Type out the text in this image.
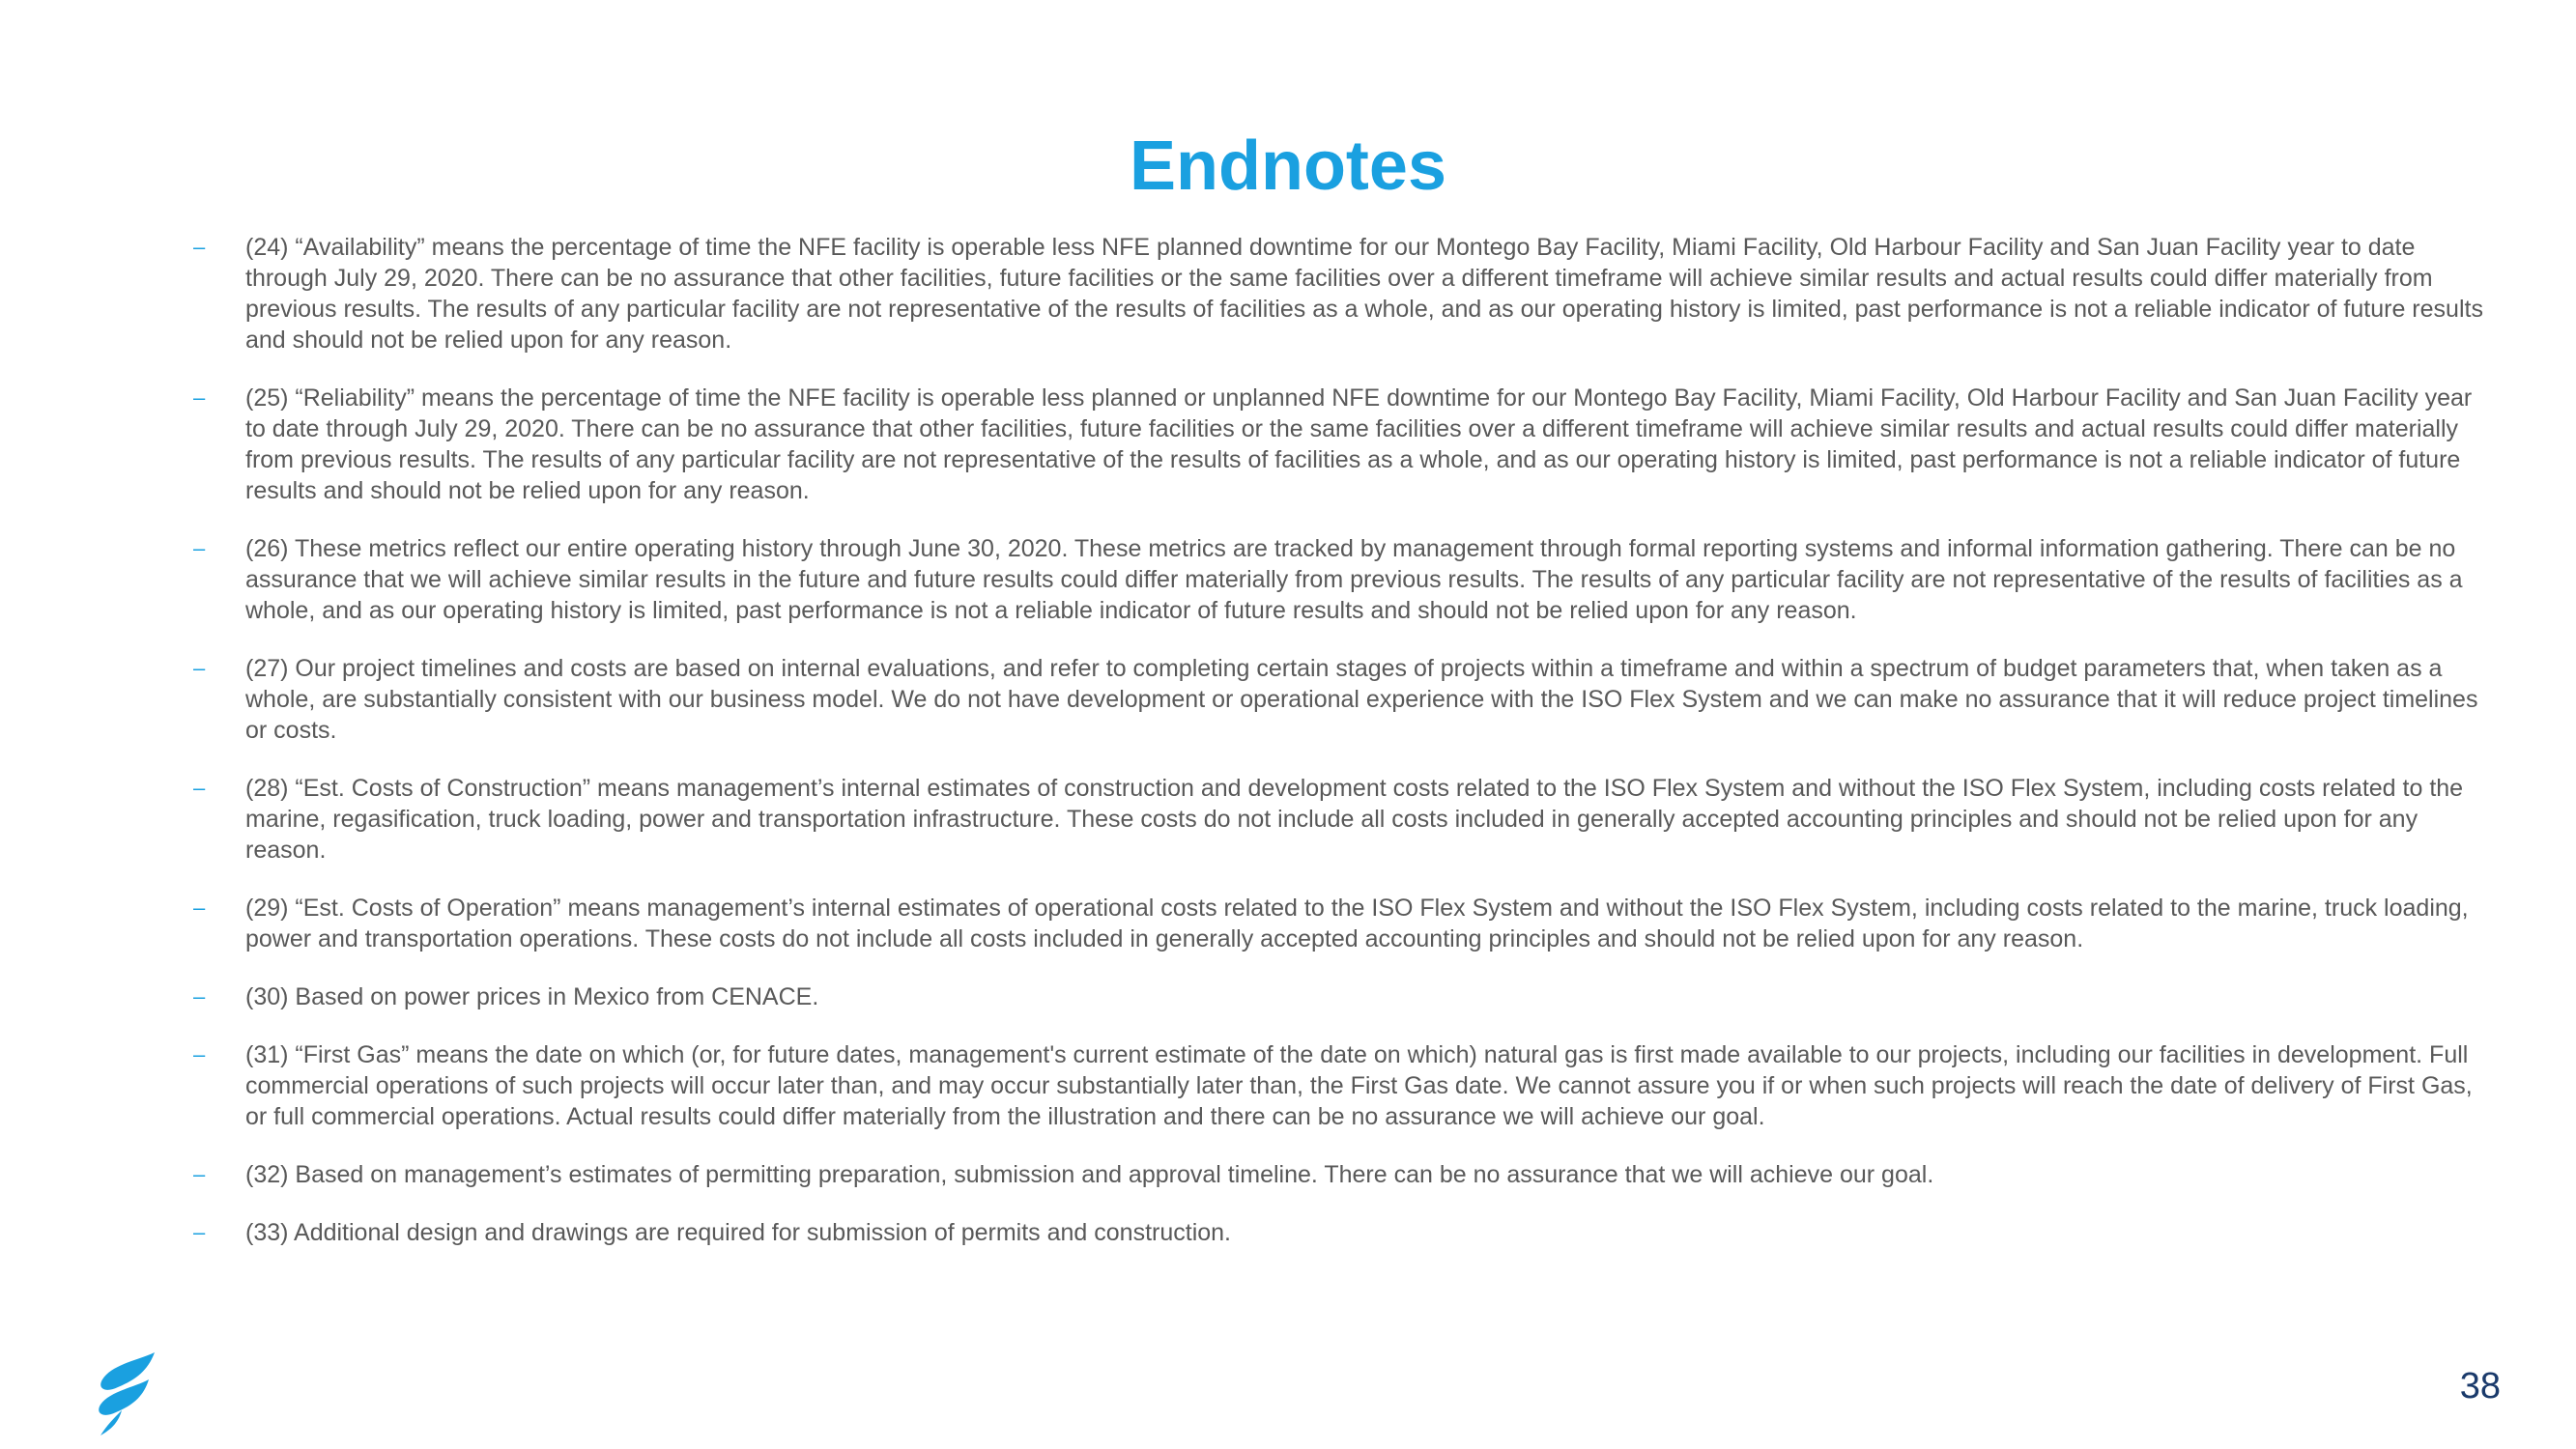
Endnotes
– (24) “Availability” means the percentage of time the NFE facility is operable less NFE planned downtime for our Montego Bay Facility, Miami Facility, Old Harbour Facility and San Juan Facility year to date through July 29, 2020. There can be no assurance that other facilities, future facilities or the same facilities over a different timeframe will achieve similar results and actual results could differ materially from previous results. The results of any particular facility are not representative of the results of facilities as a whole, and as our operating history is limited, past performance is not a reliable indicator of future results and should not be relied upon for any reason.
– (25) “Reliability” means the percentage of time the NFE facility is operable less planned or unplanned NFE downtime for our Montego Bay Facility, Miami Facility, Old Harbour Facility and San Juan Facility year to date through July 29, 2020. There can be no assurance that other facilities, future facilities or the same facilities over a different timeframe will achieve similar results and actual results could differ materially from previous results. The results of any particular facility are not representative of the results of facilities as a whole, and as our operating history is limited, past performance is not a reliable indicator of future results and should not be relied upon for any reason.
– (26) These metrics reflect our entire operating history through June 30, 2020. These metrics are tracked by management through formal reporting systems and informal information gathering. There can be no assurance that we will achieve similar results in the future and future results could differ materially from previous results. The results of any particular facility are not representative of the results of facilities as a whole, and as our operating history is limited, past performance is not a reliable indicator of future results and should not be relied upon for any reason.
– (27) Our project timelines and costs are based on internal evaluations, and refer to completing certain stages of projects within a timeframe and within a spectrum of budget parameters that, when taken as a whole, are substantially consistent with our business model. We do not have development or operational experience with the ISO Flex System and we can make no assurance that it will reduce project timelines or costs.
– (28) “Est. Costs of Construction” means management’s internal estimates of construction and development costs related to the ISO Flex System and without the ISO Flex System, including costs related to the marine, regasification, truck loading, power and transportation infrastructure. These costs do not include all costs included in generally accepted accounting principles and should not be relied upon for any reason.
– (29) “Est. Costs of Operation” means management’s internal estimates of operational costs related to the ISO Flex System and without the ISO Flex System, including costs related to the marine, truck loading, power and transportation operations. These costs do not include all costs included in generally accepted accounting principles and should not be relied upon for any reason.
– (30) Based on power prices in Mexico from CENACE.
– (31) “First Gas” means the date on which (or, for future dates, management's current estimate of the date on which) natural gas is first made available to our projects, including our facilities in development. Full commercial operations of such projects will occur later than, and may occur substantially later than, the First Gas date. We cannot assure you if or when such projects will reach the date of delivery of First Gas, or full commercial operations. Actual results could differ materially from the illustration and there can be no assurance we will achieve our goal.
– (32) Based on management’s estimates of permitting preparation, submission and approval timeline. There can be no assurance that we will achieve our goal.
– (33) Additional design and drawings are required for submission of permits and construction.
38
